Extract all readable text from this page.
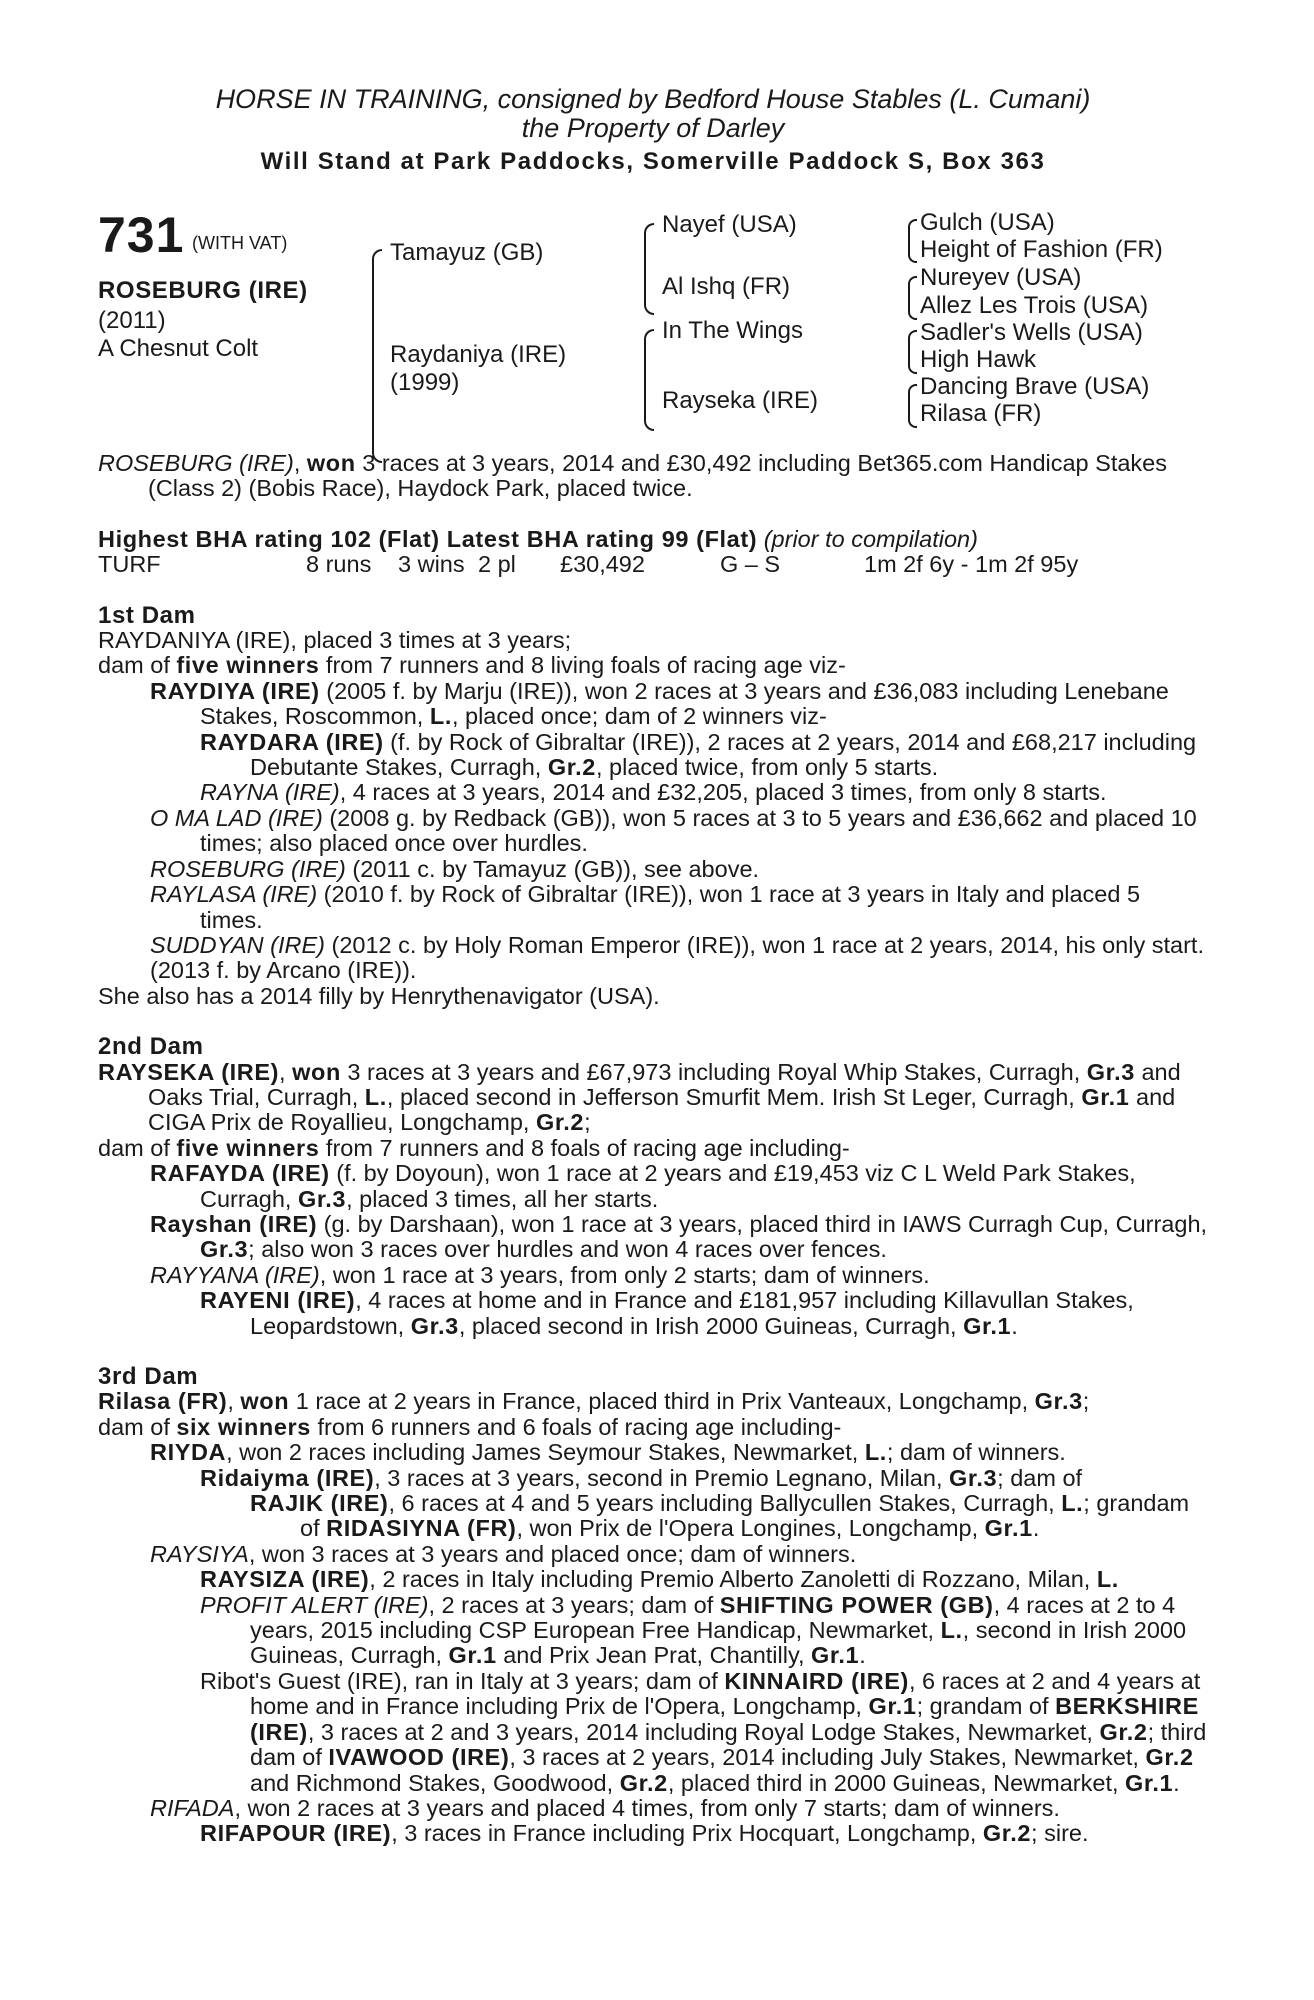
HORSE IN TRAINING, consigned by Bedford House Stables (L. Cumani)
the Property of Darley
Will Stand at Park Paddocks, Somerville Paddock S, Box 363
731 (WITH VAT)
ROSEBURG (IRE)
(2011)
A Chesnut Colt
Tamayuz (GB)
Raydaniya (IRE)
(1999)
Nayef (USA)
Al Ishq (FR)
In The Wings
Rayseka (IRE)
Gulch (USA)
Height of Fashion (FR)
Nureyev (USA)
Allez Les Trois (USA)
Sadler's Wells (USA)
High Hawk
Dancing Brave (USA)
Rilasa (FR)

ROSEBURG (IRE), won 3 races at 3 years, 2014 and £30,492 including Bet365.com Handicap Stakes (Class 2) (Bobis Race), Haydock Park, placed twice.

Highest BHA rating 102 (Flat) Latest BHA rating 99 (Flat) (prior to compilation)

TURF	8 runs 3 wins 2 pl £30,492	G – S	1m 2f 6y - 1m 2f 95y

1st Dam

RAYDANIYA (IRE), placed 3 times at 3 years;

dam of five winners from 7 runners and 8 living foals of racing age viz-

RAYDIYA (IRE) (2005 f. by Marju (IRE)), won 2 races at 3 years and £36,083 including Lenebane Stakes, Roscommon, L., placed once; dam of 2 winners viz-

RAYDARA (IRE) (f. by Rock of Gibraltar (IRE)), 2 races at 2 years, 2014 and £68,217 including Debutante Stakes, Curragh, Gr.2, placed twice, from only 5 starts.

RAYNA (IRE), 4 races at 3 years, 2014 and £32,205, placed 3 times, from only 8 starts.

O MA LAD (IRE) (2008 g. by Redback (GB)), won 5 races at 3 to 5 years and £36,662 and placed 10 times; also placed once over hurdles.

ROSEBURG (IRE) (2011 c. by Tamayuz (GB)), see above.

RAYLASA (IRE) (2010 f. by Rock of Gibraltar (IRE)), won 1 race at 3 years in Italy and placed 5 times.

SUDDYAN (IRE) (2012 c. by Holy Roman Emperor (IRE)), won 1 race at 2 years, 2014, his only start.

(2013 f. by Arcano (IRE)).

She also has a 2014 filly by Henrythenavigator (USA).

2nd Dam

RAYSEKA (IRE), won 3 races at 3 years and £67,973 including Royal Whip Stakes, Curragh, Gr.3 and Oaks Trial, Curragh, L., placed second in Jefferson Smurfit Mem. Irish St Leger, Curragh, Gr.1 and CIGA Prix de Royallieu, Longchamp, Gr.2;

dam of five winners from 7 runners and 8 foals of racing age including-

RAFAYDA (IRE) (f. by Doyoun), won 1 race at 2 years and £19,453 viz C L Weld Park Stakes, Curragh, Gr.3, placed 3 times, all her starts.

Rayshan (IRE) (g. by Darshaan), won 1 race at 3 years, placed third in IAWS Curragh Cup, Curragh, Gr.3; also won 3 races over hurdles and won 4 races over fences.

RAYYANA (IRE), won 1 race at 3 years, from only 2 starts; dam of winners.

RAYENI (IRE), 4 races at home and in France and £181,957 including Killavullan Stakes, Leopardstown, Gr.3, placed second in Irish 2000 Guineas, Curragh, Gr.1.

3rd Dam

Rilasa (FR), won 1 race at 2 years in France, placed third in Prix Vanteaux, Longchamp, Gr.3;

dam of six winners from 6 runners and 6 foals of racing age including-

RIYDA, won 2 races including James Seymour Stakes, Newmarket, L.; dam of winners.

Ridaiyma (IRE), 3 races at 3 years, second in Premio Legnano, Milan, Gr.3; dam of

RAJIK (IRE), 6 races at 4 and 5 years including Ballycullen Stakes, Curragh, L.; grandam of RIDASIYNA (FR), won Prix de l'Opera Longines, Longchamp, Gr.1.

RAYSIYA, won 3 races at 3 years and placed once; dam of winners.

RAYSIZA (IRE), 2 races in Italy including Premio Alberto Zanoletti di Rozzano, Milan, L.

PROFIT ALERT (IRE), 2 races at 3 years; dam of SHIFTING POWER (GB), 4 races at 2 to 4 years, 2015 including CSP European Free Handicap, Newmarket, L., second in Irish 2000 Guineas, Curragh, Gr.1 and Prix Jean Prat, Chantilly, Gr.1.

Ribot's Guest (IRE), ran in Italy at 3 years; dam of KINNAIRD (IRE), 6 races at 2 and 4 years at home and in France including Prix de l'Opera, Longchamp, Gr.1; grandam of BERKSHIRE (IRE), 3 races at 2 and 3 years, 2014 including Royal Lodge Stakes, Newmarket, Gr.2; third dam of IVAWOOD (IRE), 3 races at 2 years, 2014 including July Stakes, Newmarket, Gr.2 and Richmond Stakes, Goodwood, Gr.2, placed third in 2000 Guineas, Newmarket, Gr.1.

RIFADA, won 2 races at 3 years and placed 4 times, from only 7 starts; dam of winners.

RIFAPOUR (IRE), 3 races in France including Prix Hocquart, Longchamp, Gr.2; sire.
